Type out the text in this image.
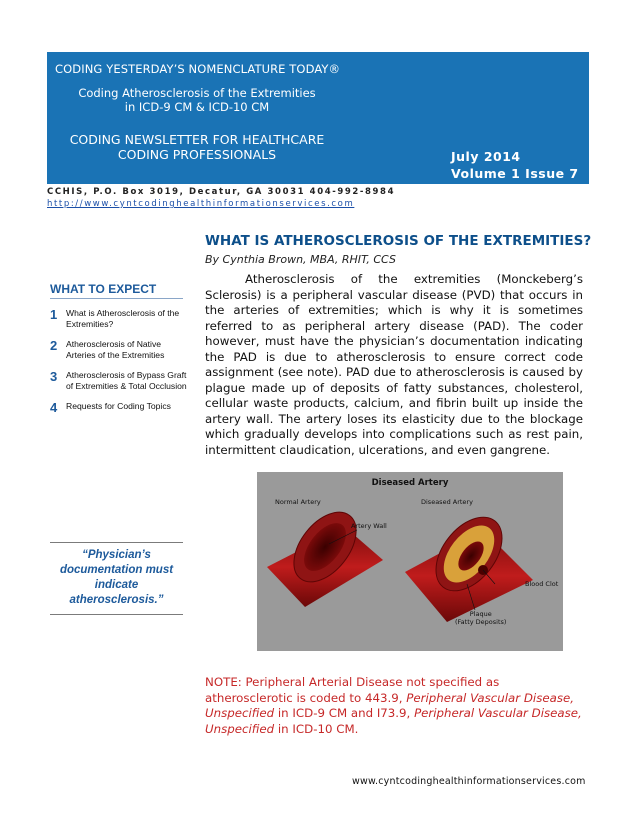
CODING YESTERDAY’S NOMENCLATURE TODAY®
Coding Atherosclerosis of the Extremities
in ICD-9 CM & ICD-10 CM
CODING NEWSLETTER FOR HEALTHCARE
CODING PROFESSIONALS	July 2014
Volume 1 Issue 7
CCHIS, P.O. Box 3019, Decatur, GA 30031 404-992-8984
http://www.cyntcodinghealthinformationservices.com
WHAT IS ATHEROSCLEROSIS OF THE EXTREMITIES?
By Cynthia Brown, MBA, RHIT, CCS

Atherosclerosis of the extremities (Monckeberg’s Sclerosis) is a peripheral vascular disease (PVD) that occurs in the arteries of extremities; which is why it is sometimes referred to as peripheral artery disease (PAD). The coder however, must have the physician’s documentation indicating the PAD is due to atherosclerosis to ensure correct code assignment (see note). PAD due to atherosclerosis is caused by plague made up of deposits of fatty substances, cholesterol, cellular waste products, calcium, and fibrin built up inside the artery wall. The artery loses its elasticity due to the blockage which gradually develops into complications such as rest pain, intermittent claudication, ulcerations, and even gangrene.

WHAT TO EXPECT
1	What is Atherosclerosis of the Extremities?
2	Atherosclerosis of Native Arteries of the Extremities
3	Atherosclerosis of Bypass Graft of Extremities & Total Occlusion
4	Requests for Coding Topics
“Physician’s documentation must indicate atherosclerosis.”
Diseased Artery
Normal Artery	Diseased Artery
Artery Wall
Blood Clot
Plaque
(Fatty Deposits)

NOTE: Peripheral Arterial Disease not specified as atherosclerotic is coded to 443.9, Peripheral Vascular Disease, Unspecified in ICD-9 CM and I73.9, Peripheral Vascular Disease, Unspecified in ICD-10 CM.

www.cyntcodinghealthinformationservices.com
